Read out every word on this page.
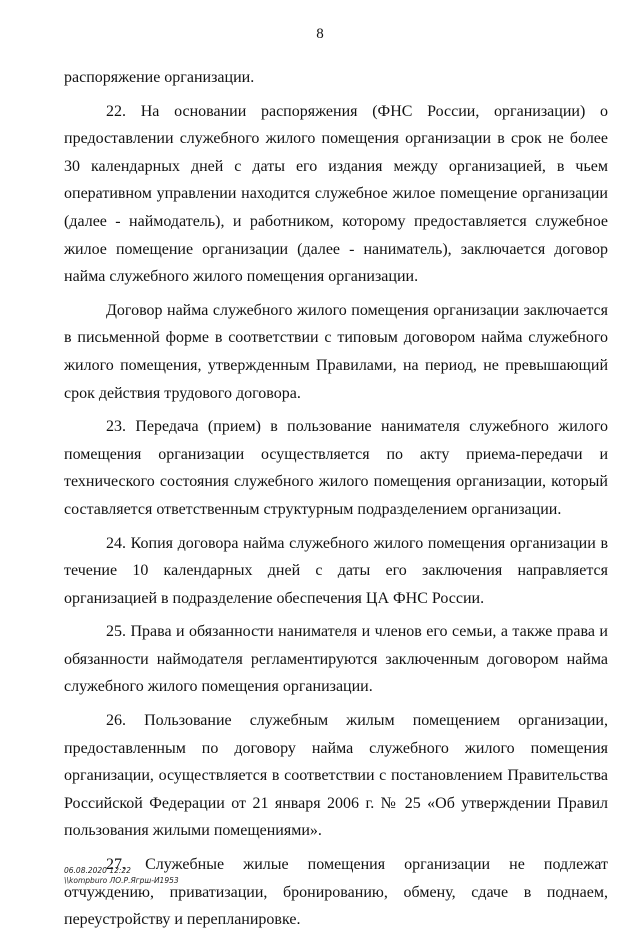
8

распоряжение организации.

22. На основании распоряжения (ФНС России, организации) о предоставлении служебного жилого помещения организации в срок не более 30 календарных дней с даты его издания между организацией, в чьем оперативном управлении находится служебное жилое помещение организации (далее - наймодатель), и работником, которому предоставляется служебное жилое помещение организации (далее - наниматель), заключается договор найма служебного жилого помещения организации.

Договор найма служебного жилого помещения организации заключается в письменной форме в соответствии с типовым договором найма служебного жилого помещения, утвержденным Правилами, на период, не превышающий срок действия трудового договора.

23. Передача (прием) в пользование нанимателя служебного жилого помещения организации осуществляется по акту приема-передачи и технического состояния служебного жилого помещения организации, который составляется ответственным структурным подразделением организации.

24. Копия договора найма служебного жилого помещения организации в течение 10 календарных дней с даты его заключения направляется организацией в подразделение обеспечения ЦА ФНС России.

25. Права и обязанности нанимателя и членов его семьи, а также права и обязанности наймодателя регламентируются заключенным договором найма служебного жилого помещения организации.

26. Пользование служебным жилым помещением организации, предоставленным по договору найма служебного жилого помещения организации, осуществляется в соответствии с постановлением Правительства Российской Федерации от 21 января 2006 г. № 25 «Об утверждении Правил пользования жилыми помещениями».

27. Служебные жилые помещения организации не подлежат отчуждению, приватизации, бронированию, обмену, сдаче в поднаем, переустройству и перепланировке.

06.08.2020 12:22
\\kompburo ЛО.Р.Ягрш-И1953
